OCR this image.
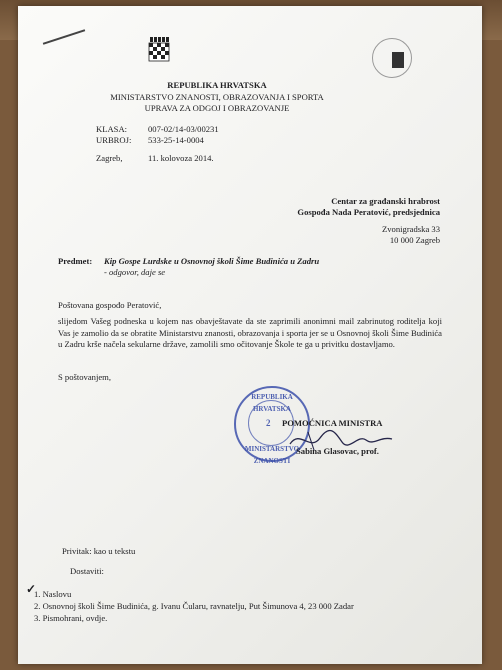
REPUBLIKA HRVATSKA
MINISTARSTVO ZNANOSTI, OBRAZOVANJA I SPORTA
UPRAVA ZA ODGOJ I OBRAZOVANJE
KLASA: 007-02/14-03/00231
URBROJ: 533-25-14-0004
Zagreb,	11. kolovoza 2014.
Centar za građanski hrabrost
Gospođa Nada Peratović, predsjednica
Zvonigradska 33
10 000 Zagreb
Predmet: Kip Gospe Lurdske u Osnovnoj školi Šime Budinića u Zadru
- odgovor, daje se
Poštovana gospođo Peratović,
slijedom Vašeg podneska u kojem nas obavještavate da ste zaprimili anonimni mail zabrinutog roditelja koji Vas je zamolio da se obratite Ministarstvu znanosti, obrazovanja i sporta jer se u Osnovnoj školi Šime Budinića u Zadru krše načela sekularne države, zamolili smo očitovanje Škole te ga u privitku dostavljamo.
S poštovanjem,
REPUBLIKA HRVATSKA
2
MINISTARSTVO ZNANOSTI
POMOĆNICA MINISTRA
Sabina Glasovac, prof.
Privitak: kao u tekstu
Dostaviti:
✓
1. Naslovu
2. Osnovnoj školi Šime Budinića, g. Ivanu Čularu, ravnatelju, Put Šimunova 4, 23 000 Zadar
3. Pismohrani, ovdje.
